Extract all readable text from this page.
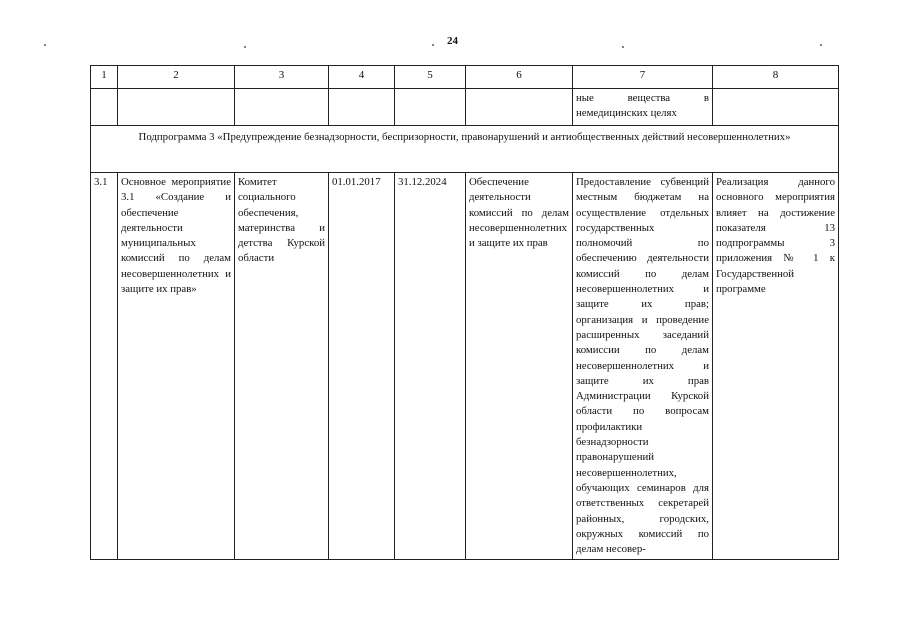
24
1	2	3	4	5	6	7	8
						ные вещества в немедицинских целях	
Подпрограмма 3 «Предупреждение безнадзорности, беспризорности, правонарушений и антиобщественных действий несовершеннолетних»							
3.1	Основное мероприятие 3.1 «Создание и обеспечение деятельности муниципальных комиссий по делам несовершеннолетних и защите их прав»	Комитет социального обеспечения, материнства и детства Курской области	01.01.2017	31.12.2024	Обеспечение деятельности комиссий по делам несовершеннолетних и защите их прав	Предоставление субвенций местным бюджетам на осуществление отдельных государственных полномочий по обеспечению деятельности комиссий по делам несовершеннолетних и защите их прав; организация и проведение расширенных заседаний комиссии по делам несовершеннолетних и защите их прав Администрации Курской области по вопросам профилактики безнадзорности правонарушений несовершеннолетних, обучающих семинаров для ответственных секретарей районных, городских, окружных комиссий по делам несовер-	Реализация данного основного мероприятия влияет на достижение показателя 13 подпрограммы 3 приложения № 1 к Государственной программе
